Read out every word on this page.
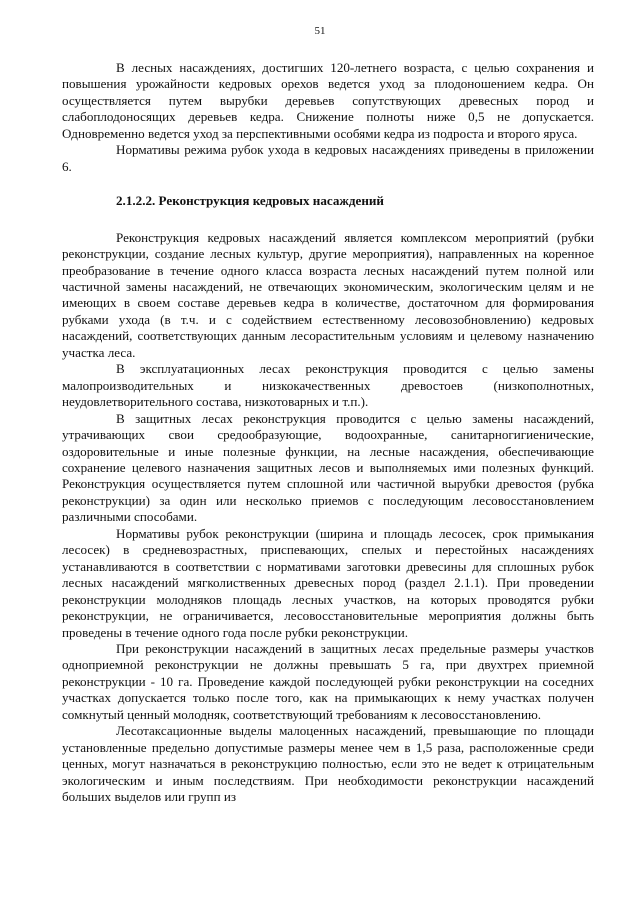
51

В лесных насаждениях, достигших 120-летнего возраста, с целью сохранения и повышения урожайности кедровых орехов ведется уход за плодоношением кедра. Он осуществляется путем вырубки деревьев сопутствующих древесных пород и слабоплодоносящих деревьев кедра. Снижение полноты ниже 0,5 не допускается. Одновременно ведется уход за перспективными особями кедра из подроста и второго яруса.

Нормативы режима рубок ухода в кедровых насаждениях приведены в приложении 6.

2.1.2.2. Реконструкция кедровых насаждений

Реконструкция кедровых насаждений является комплексом мероприятий (рубки реконструкции, создание лесных культур, другие мероприятия), направленных на коренное преобразование в течение одного класса возраста лесных насаждений путем полной или частичной замены насаждений, не отвечающих экономическим, экологическим целям и не имеющих в своем составе деревьев кедра в количестве, достаточном для формирования рубками ухода (в т.ч. и с содействием естественному лесовозобновлению) кедровых насаждений, соответствующих данным лесорастительным условиям и целевому назначению участка леса.

В эксплуатационных лесах реконструкция проводится с целью замены малопроизводительных и низкокачественных древостоев (низкополнотных, неудовлетворительного состава, низкотоварных и т.п.).

В защитных лесах реконструкция проводится с целью замены насаждений, утрачивающих свои средообразующие, водоохранные, санитарногигиенические, оздоровительные и иные полезные функции, на лесные насаждения, обеспечивающие сохранение целевого назначения защитных лесов и выполняемых ими полезных функций. Реконструкция осуществляется путем сплошной или частичной вырубки древостоя (рубка реконструкции) за один или несколько приемов с последующим лесовосстановлением различными способами.

Нормативы рубок реконструкции (ширина и площадь лесосек, срок примыкания лесосек) в средневозрастных, приспевающих, спелых и перестойных насаждениях устанавливаются в соответствии с нормативами заготовки древесины для сплошных рубок лесных насаждений мягколиственных древесных пород (раздел 2.1.1). При проведении реконструкции молодняков площадь лесных участков, на которых проводятся рубки реконструкции, не ограничивается, лесовосстановительные мероприятия должны быть проведены в течение одного года после рубки реконструкции.

При реконструкции насаждений в защитных лесах предельные размеры участков одноприемной реконструкции не должны превышать 5 га, при двухтрех приемной реконструкции - 10 га. Проведение каждой последующей рубки реконструкции на соседних участках допускается только после того, как на примыкающих к нему участках получен сомкнутый ценный молодняк, соответствующий требованиям к лесовосстановлению.

Лесотаксационные выделы малоценных насаждений, превышающие по площади установленные предельно допустимые размеры менее чем в 1,5 раза, расположенные среди ценных, могут назначаться в реконструкцию полностью, если это не ведет к отрицательным экологическим и иным последствиям. При необходимости реконструкции насаждений больших выделов или групп из
